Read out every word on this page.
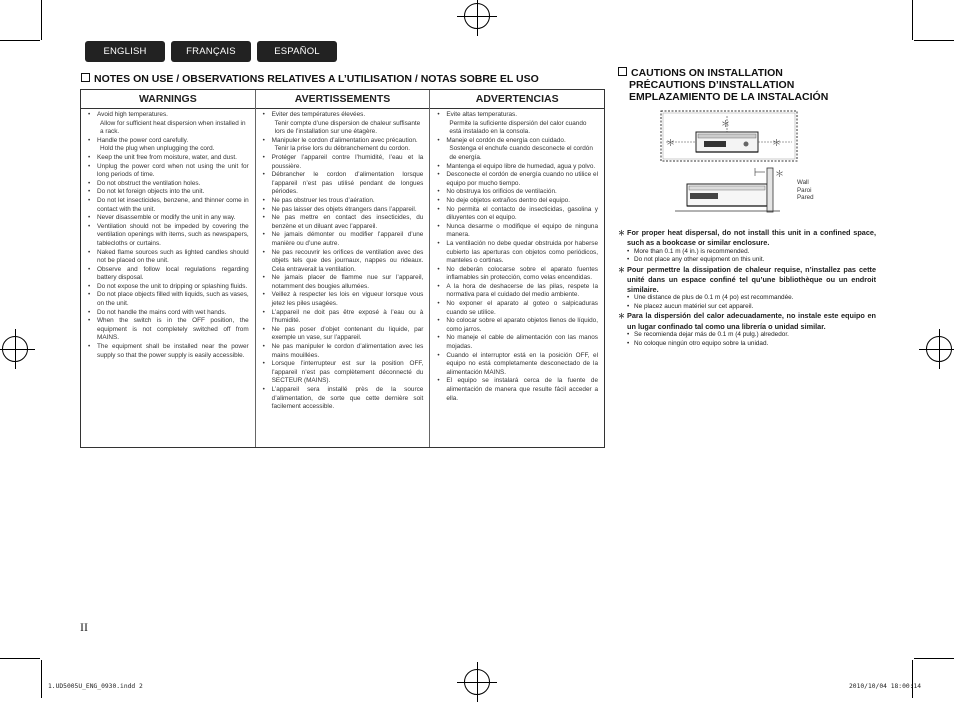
ENGLISH	FRANÇAIS	ESPAÑOL
NOTES ON USE / OBSERVATIONS RELATIVES A L’UTILISATION / NOTAS SOBRE EL USO
WARNINGS
• Avoid high temperatures.
Allow for sufficient heat dispersion when installed in a rack.
• Handle the power cord carefully.
Hold the plug when unplugging the cord.
• Keep the unit free from moisture, water, and dust.
• Unplug the power cord when not using the unit for long periods of time.
• Do not obstruct the ventilation holes.
• Do not let foreign objects into the unit.
• Do not let insecticides, benzene, and thinner come in contact with the unit.
• Never disassemble or modify the unit in any way.
• Ventilation should not be impeded by covering the ventilation openings with items, such as newspapers, tablecloths or curtains.
• Naked flame sources such as lighted candles should not be placed on the unit.
• Observe and follow local regulations regarding battery disposal.
• Do not expose the unit to dripping or splashing fluids.
• Do not place objects filled with liquids, such as vases, on the unit.
• Do not handle the mains cord with wet hands.
• When the switch is in the OFF position, the equipment is not completely switched off from MAINS.
• The equipment shall be installed near the power supply so that the power supply is easily accessible.
AVERTISSEMENTS
• Eviter des températures élevées.
Tenir compte d’une dispersion de chaleur suffisante lors de l’installation sur une étagère.
• Manipuler le cordon d’alimentation avec précaution.
Tenir la prise lors du débranchement du cordon.
• Protéger l’appareil contre l’humidité, l’eau et la poussière.
• Débrancher le cordon d’alimentation lorsque l’appareil n’est pas utilisé pendant de longues périodes.
• Ne pas obstruer les trous d’aération.
• Ne pas laisser des objets étrangers dans l’appareil.
• Ne pas mettre en contact des insecticides, du benzène et un diluant avec l’appareil.
• Ne jamais démonter ou modifier l’appareil d’une manière ou d’une autre.
• Ne pas recouvrir les orifices de ventilation avec des objets tels que des journaux, nappes ou rideaux. Cela entraverait la ventilation.
• Ne jamais placer de flamme nue sur l’appareil, notamment des bougies allumées.
• Veillez à respecter les lois en vigueur lorsque vous jetez les piles usagées.
• L’appareil ne doit pas être exposé à l’eau ou à l’humidité.
• Ne pas poser d’objet contenant du liquide, par exemple un vase, sur l’appareil.
• Ne pas manipuler le cordon d’alimentation avec les mains mouillées.
• Lorsque l’interrupteur est sur la position OFF, l’appareil n’est pas complètement déconnecté du SECTEUR (MAINS).
• L’appareil sera installé près de la source d’alimentation, de sorte que cette dernière soit facilement accessible.
ADVERTENCIAS
• Evite altas temperaturas.
Permite la suficiente dispersión del calor cuando está instalado en la consola.
• Maneje el cordón de energía con cuidado.
Sostenga el enchufe cuando desconecte el cordón de energía.
• Mantenga el equipo libre de humedad, agua y polvo.
• Desconecte el cordón de energía cuando no utilice el equipo por mucho tiempo.
• No obstruya los orificios de ventilación.
• No deje objetos extraños dentro del equipo.
• No permita el contacto de insecticidas, gasolina y diluyentes con el equipo.
• Nunca desarme o modifique el equipo de ninguna manera.
• La ventilación no debe quedar obstruida por haberse cubierto las aperturas con objetos como periódicos, manteles o cortinas.
• No deberán colocarse sobre el aparato fuentes inflamables sin protección, como velas encendidas.
• A la hora de deshacerse de las pilas, respete la normativa para el cuidado del medio ambiente.
• No exponer el aparato al goteo o salpicaduras cuando se utilice.
• No colocar sobre el aparato objetos llenos de líquido, como jarros.
• No maneje el cable de alimentación con las manos mojadas.
• Cuando el interruptor está en la posición OFF, el equipo no está completamente desconectado de la alimentación MAINS.
• El equipo se instalará cerca de la fuente de alimentación de manera que resulte fácil acceder a ella.
CAUTIONS ON INSTALLATION
PRÉCAUTIONS D’INSTALLATION
EMPLAZAMIENTO DE LA INSTALACIÓN
＊
＊	＊
＊
Wall
Paroi
Pared
＊ For proper heat dispersal, do not install this unit in a confined space, such as a bookcase or similar enclosure.
• More than 0.1 m (4 in.) is recommended.
• Do not place any other equipment on this unit.
＊ Pour permettre la dissipation de chaleur requise, n’installez pas cette unité dans un espace confiné tel qu’une bibliothèque ou un endroit similaire.
• Une distance de plus de 0.1 m (4 po) est recommandée.
• Ne placez aucun matériel sur cet appareil.
＊ Para la dispersión del calor adecuadamente, no instale este equipo en un lugar confinado tal como una librería o unidad similar.
• Se recomienda dejar más de 0.1 m (4 pulg.) alrededor.
• No coloque ningún otro equipo sobre la unidad.
II
1.UD5005U_ENG_0930.indd 2	2010/10/04 18:00:14
